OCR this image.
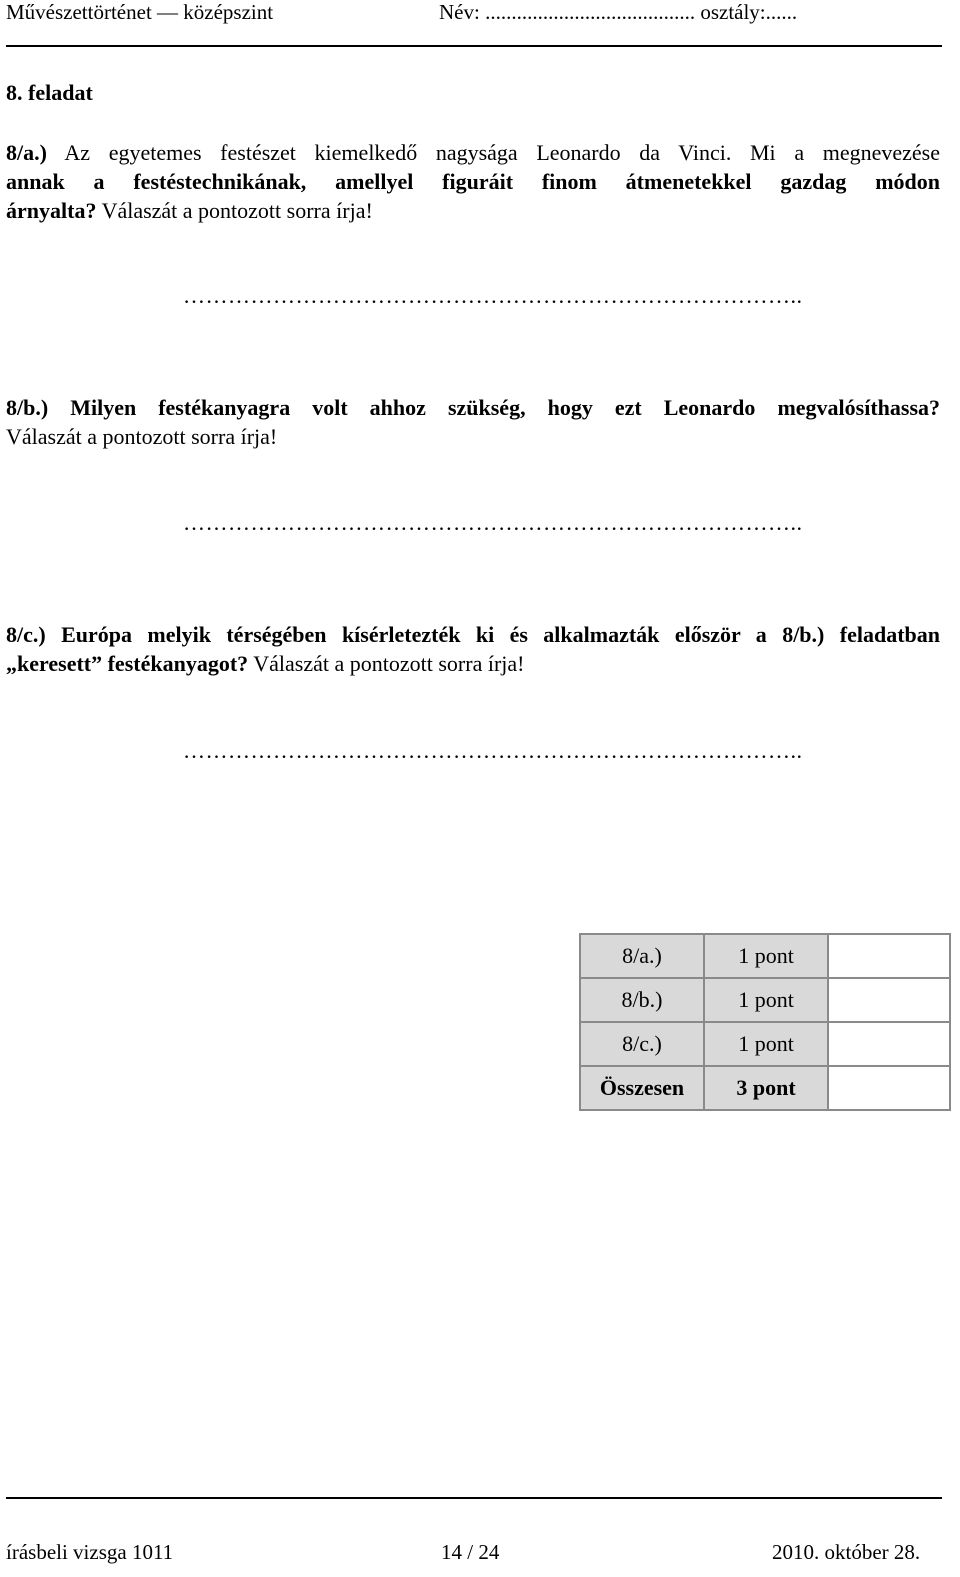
Művészettörténet — középszint	Név: ........................................ osztály:......
8. feladat
8/a.) Az egyetemes festészet kiemelkedő nagysága Leonardo da Vinci. Mi a megnevezése
annak a festéstechnikának, amellyel figuráit finom átmenetekkel gazdag módon
árnyalta? Válaszát a pontozott sorra írja!
………………………………………………………………………..
8/b.) Milyen festékanyagra volt ahhoz szükség, hogy ezt Leonardo megvalósíthassa?
Válaszát a pontozott sorra írja!
………………………………………………………………………..
8/c.) Európa melyik térségében kísérletezték ki és alkalmazták először a 8/b.) feladatban
„keresett” festékanyagot? Válaszát a pontozott sorra írja!
………………………………………………………………………..
8/a.)	1 pont	
8/b.)	1 pont	
8/c.)	1 pont	
Összesen	3 pont	
írásbeli vizsga 1011	14 / 24	2010. október 28.
